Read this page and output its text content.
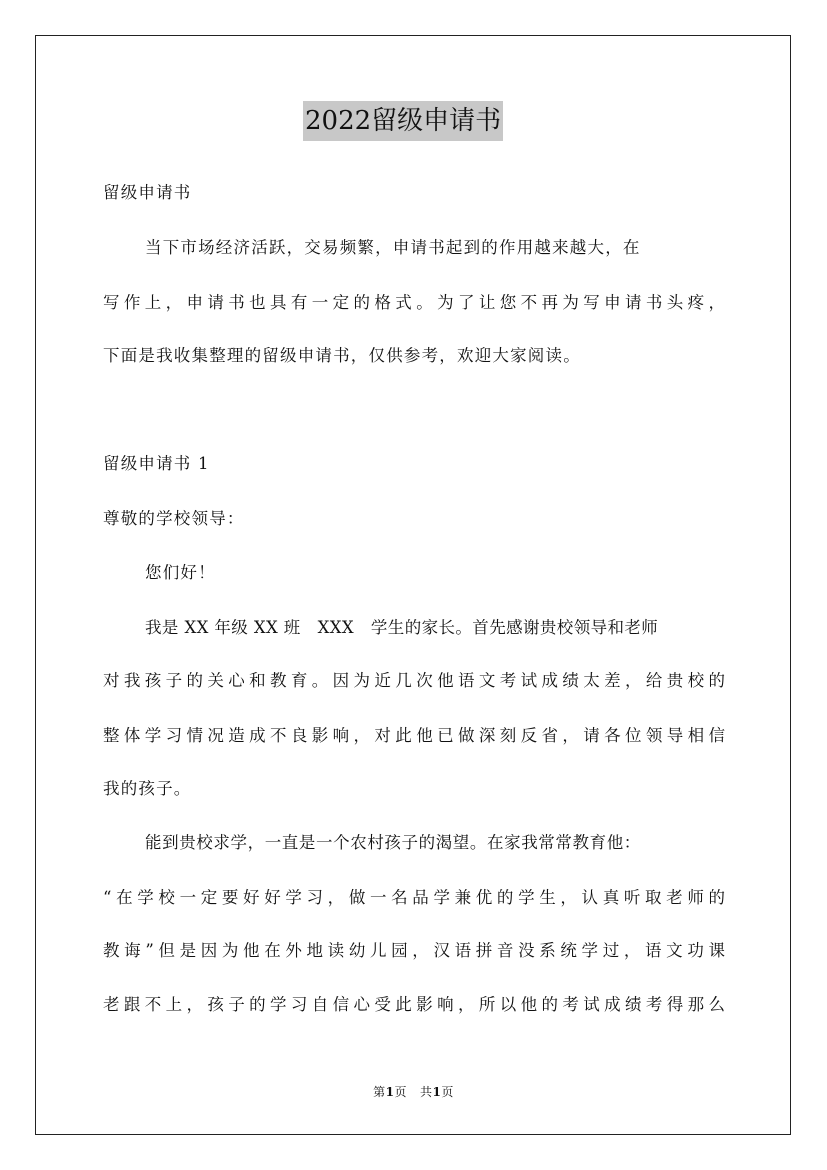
2022留级申请书
留级申请书
当下市场经济活跃，交易频繁，申请书起到的作用越来越大，在
写作上，申请书也具有一定的格式。为了让您不再为写申请书头疼，
下面是我收集整理的留级申请书，仅供参考，欢迎大家阅读。
留级申请书 1
尊敬的学校领导：
您们好！
我是 XX 年级 XX 班　XXX　学生的家长。首先感谢贵校领导和老师
对我孩子的关心和教育。因为近几次他语文考试成绩太差，给贵校的
整体学习情况造成不良影响，对此他已做深刻反省，请各位领导相信
我的孩子。
能到贵校求学，一直是一个农村孩子的渴望。在家我常常教育他：
“在学校一定要好好学习，做一名品学兼优的学生，认真听取老师的
教诲”但是因为他在外地读幼儿园，汉语拼音没系统学过，语文功课
老跟不上，孩子的学习自信心受此影响，所以他的考试成绩考得那么
第1页 共1页
